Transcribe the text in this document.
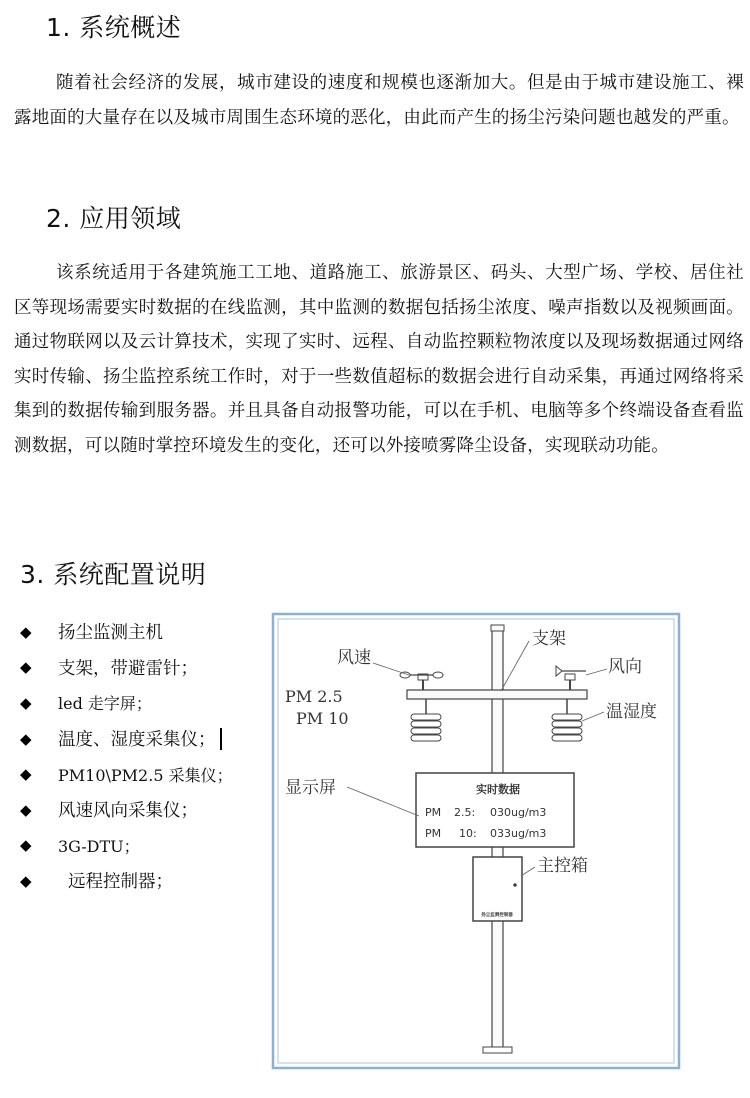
1. 系统概述

随着社会经济的发展，城市建设的速度和规模也逐渐加大。但是由于城市建设施工、裸露地面的大量存在以及城市周围生态环境的恶化，由此而产生的扬尘污染问题也越发的严重。

2. 应用领域

该系统适用于各建筑施工工地、道路施工、旅游景区、码头、大型广场、学校、居住社区等现场需要实时数据的在线监测，其中监测的数据包括扬尘浓度、噪声指数以及视频画面。通过物联网以及云计算技术，实现了实时、远程、自动监控颗粒物浓度以及现场数据通过网络实时传输、扬尘监控系统工作时，对于一些数值超标的数据会进行自动采集，再通过网络将采集到的数据传输到服务器。并且具备自动报警功能，可以在手机、电脑等多个终端设备查看监测数据，可以随时掌控环境发生的变化，还可以外接喷雾降尘设备，实现联动功能。

3. 系统配置说明
◆	扬尘监测主机
◆	支架，带避雷针；
◆	led 走字屏；
◆	温度、湿度采集仪；
◆	PM10\PM2.5 采集仪；
◆	风速风向采集仪；
◆	3G-DTU；
◆	远程控制器；
实时数据
PM 2.5: 030ug/m3
PM 10: 033ug/m3
扬尘监测控制器
支架
风速	风向
PM 2.5
PM 10	温湿度
显示屏
主控箱
